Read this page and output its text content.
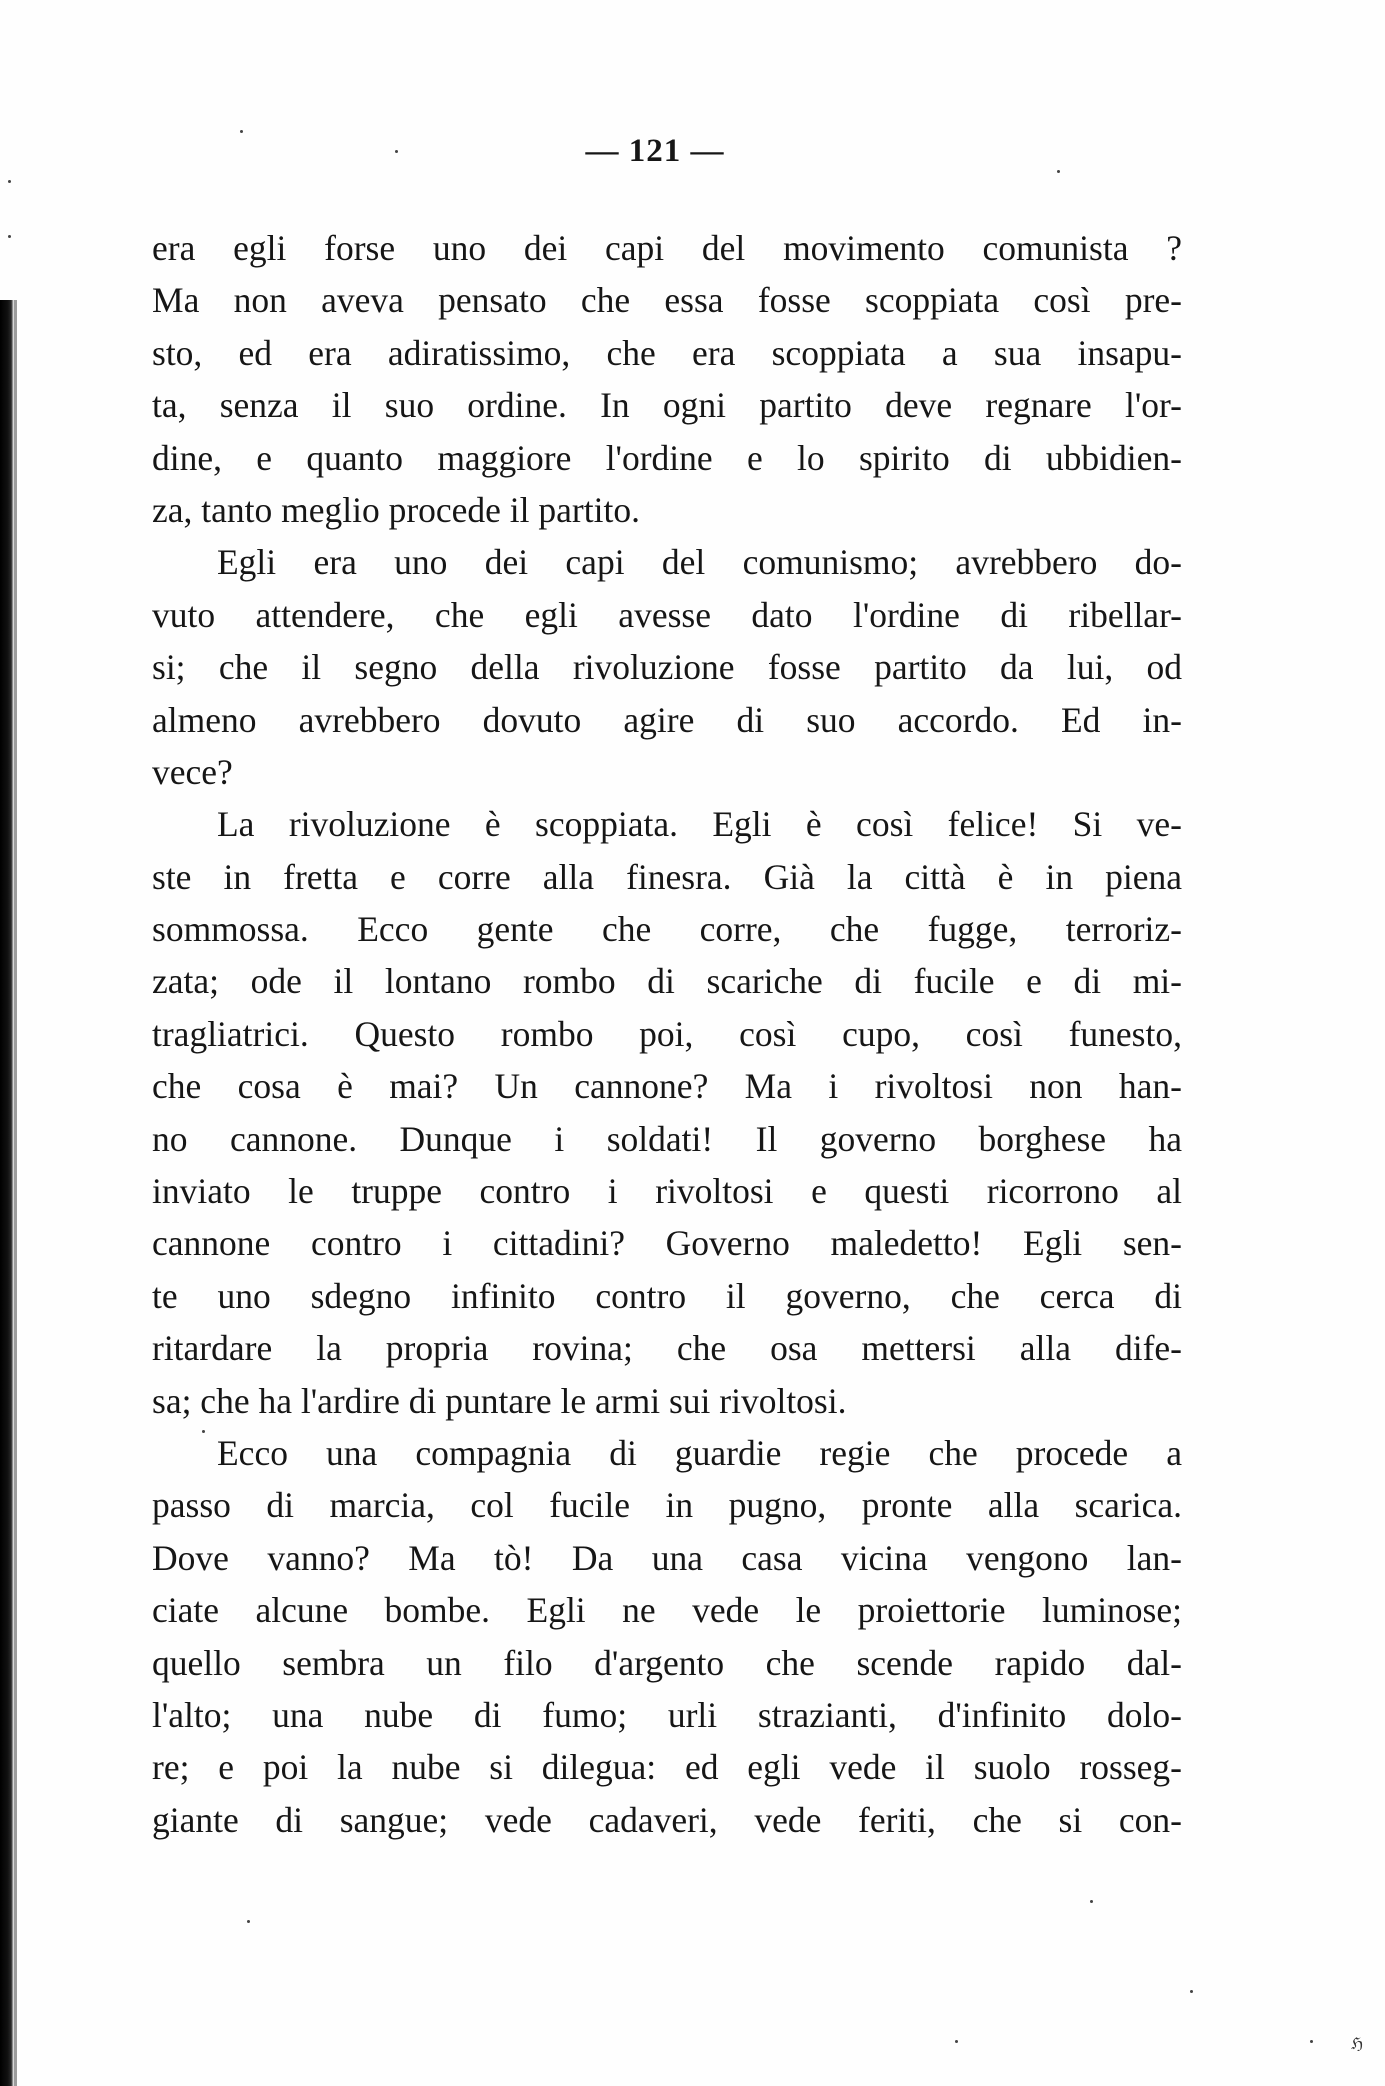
— 121 —
era egli forse uno dei capi del movimento comunista ?
Ma non aveva pensato che essa fosse scoppiata così pre-
sto, ed era adiratissimo, che era scoppiata a sua insapu-
ta, senza il suo ordine. In ogni partito deve regnare l'or-
dine, e quanto maggiore l'ordine e lo spirito di ubbidien-
za, tanto meglio procede il partito.
Egli era uno dei capi del comunismo; avrebbero do-
vuto attendere, che egli avesse dato l'ordine di ribellar-
si; che il segno della rivoluzione fosse partito da lui, od
almeno avrebbero dovuto agire di suo accordo. Ed in-
vece?
La rivoluzione è scoppiata. Egli è così felice! Si ve-
ste in fretta e corre alla finesra. Già la città è in piena
sommossa. Ecco gente che corre, che fugge, terroriz-
zata; ode il lontano rombo di scariche di fucile e di mi-
tragliatrici. Questo rombo poi, così cupo, così funesto,
che cosa è mai? Un cannone? Ma i rivoltosi non han-
no cannone. Dunque i soldati! Il governo borghese ha
inviato le truppe contro i rivoltosi e questi ricorrono al
cannone contro i cittadini? Governo maledetto! Egli sen-
te uno sdegno infinito contro il governo, che cerca di
ritardare la propria rovina; che osa mettersi alla dife-
sa; che ha l'ardire di puntare le armi sui rivoltosi.
Ecco una compagnia di guardie regie che procede a
passo di marcia, col fucile in pugno, pronte alla scarica.
Dove vanno? Ma tò! Da una casa vicina vengono lan-
ciate alcune bombe. Egli ne vede le proiettorie luminose;
quello sembra un filo d'argento che scende rapido dal-
l'alto; una nube di fumo; urli strazianti, d'infinito dolo-
re; e poi la nube si dilegua: ed egli vede il suolo rosseg-
giante di sangue; vede cadaveri, vede feriti, che si con-
ℌ
